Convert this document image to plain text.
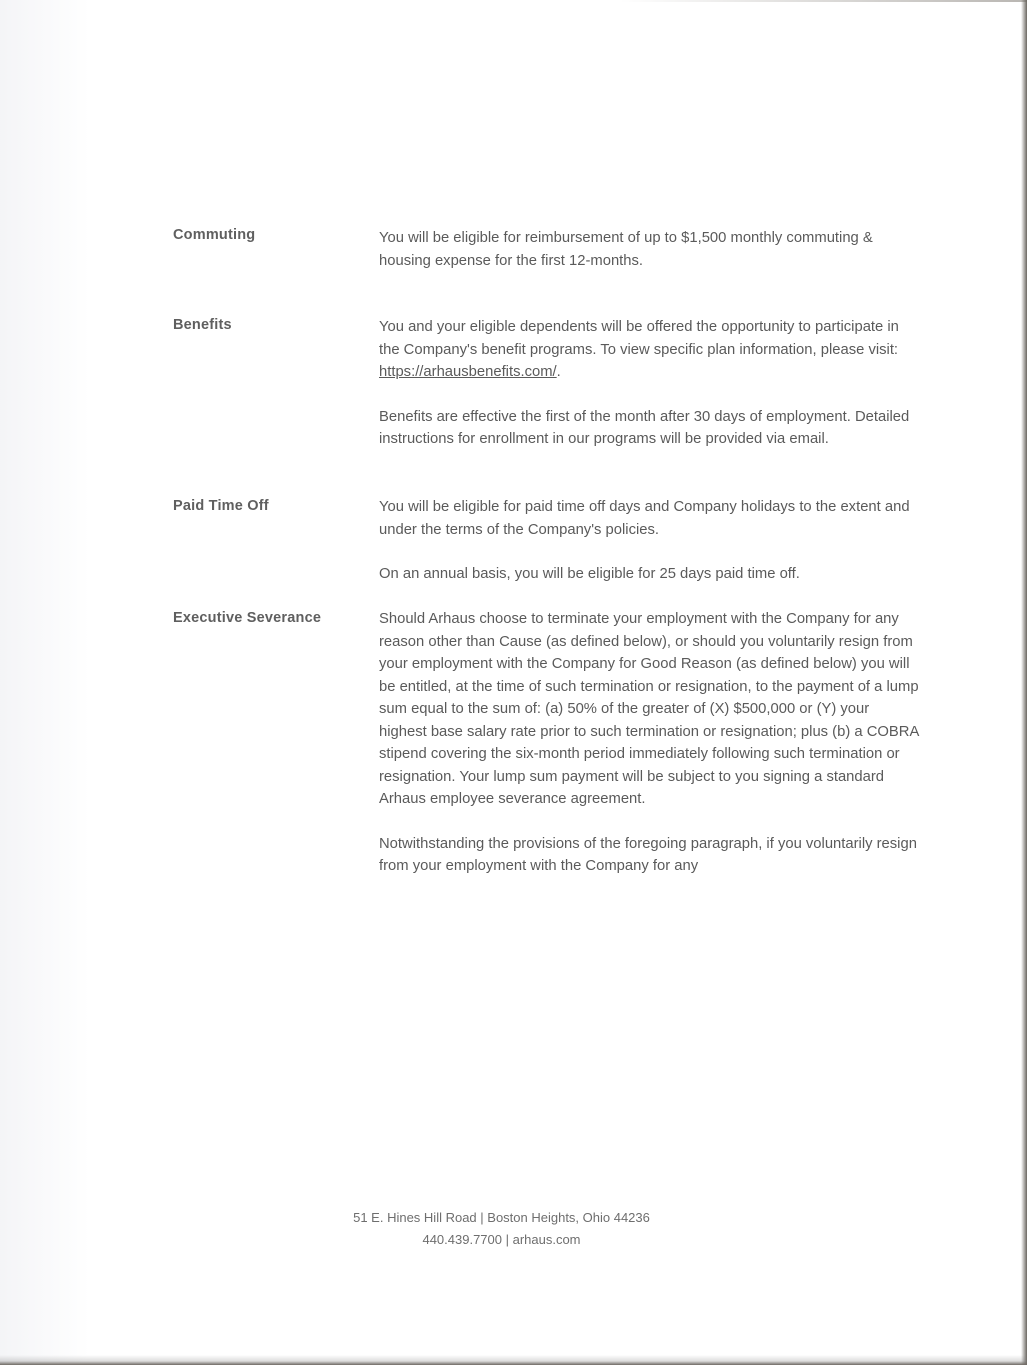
Commuting	You will be eligible for reimbursement of up to $1,500 monthly commuting & housing expense for the first 12-months.

Benefits	You and your eligible dependents will be offered the opportunity to participate in the Company's benefit programs. To view specific plan information, please visit: https://arhausbenefits.com/.

Benefits are effective the first of the month after 30 days of employment. Detailed instructions for enrollment in our programs will be provided via email.

Paid Time Off	You will be eligible for paid time off days and Company holidays to the extent and under the terms of the Company's policies.

On an annual basis, you will be eligible for 25 days paid time off.

Executive Severance	Should Arhaus choose to terminate your employment with the Company for any reason other than Cause (as defined below), or should you voluntarily resign from your employment with the Company for Good Reason (as defined below) you will be entitled, at the time of such termination or resignation, to the payment of a lump sum equal to the sum of: (a) 50% of the greater of (X) $500,000 or (Y) your highest base salary rate prior to such termination or resignation; plus (b) a COBRA stipend covering the six-month period immediately following such termination or resignation. Your lump sum payment will be subject to you signing a standard Arhaus employee severance agreement.

Notwithstanding the provisions of the foregoing paragraph, if you voluntarily resign from your employment with the Company for any

51 E. Hines Hill Road | Boston Heights, Ohio 44236
440.439.7700 | arhaus.com
